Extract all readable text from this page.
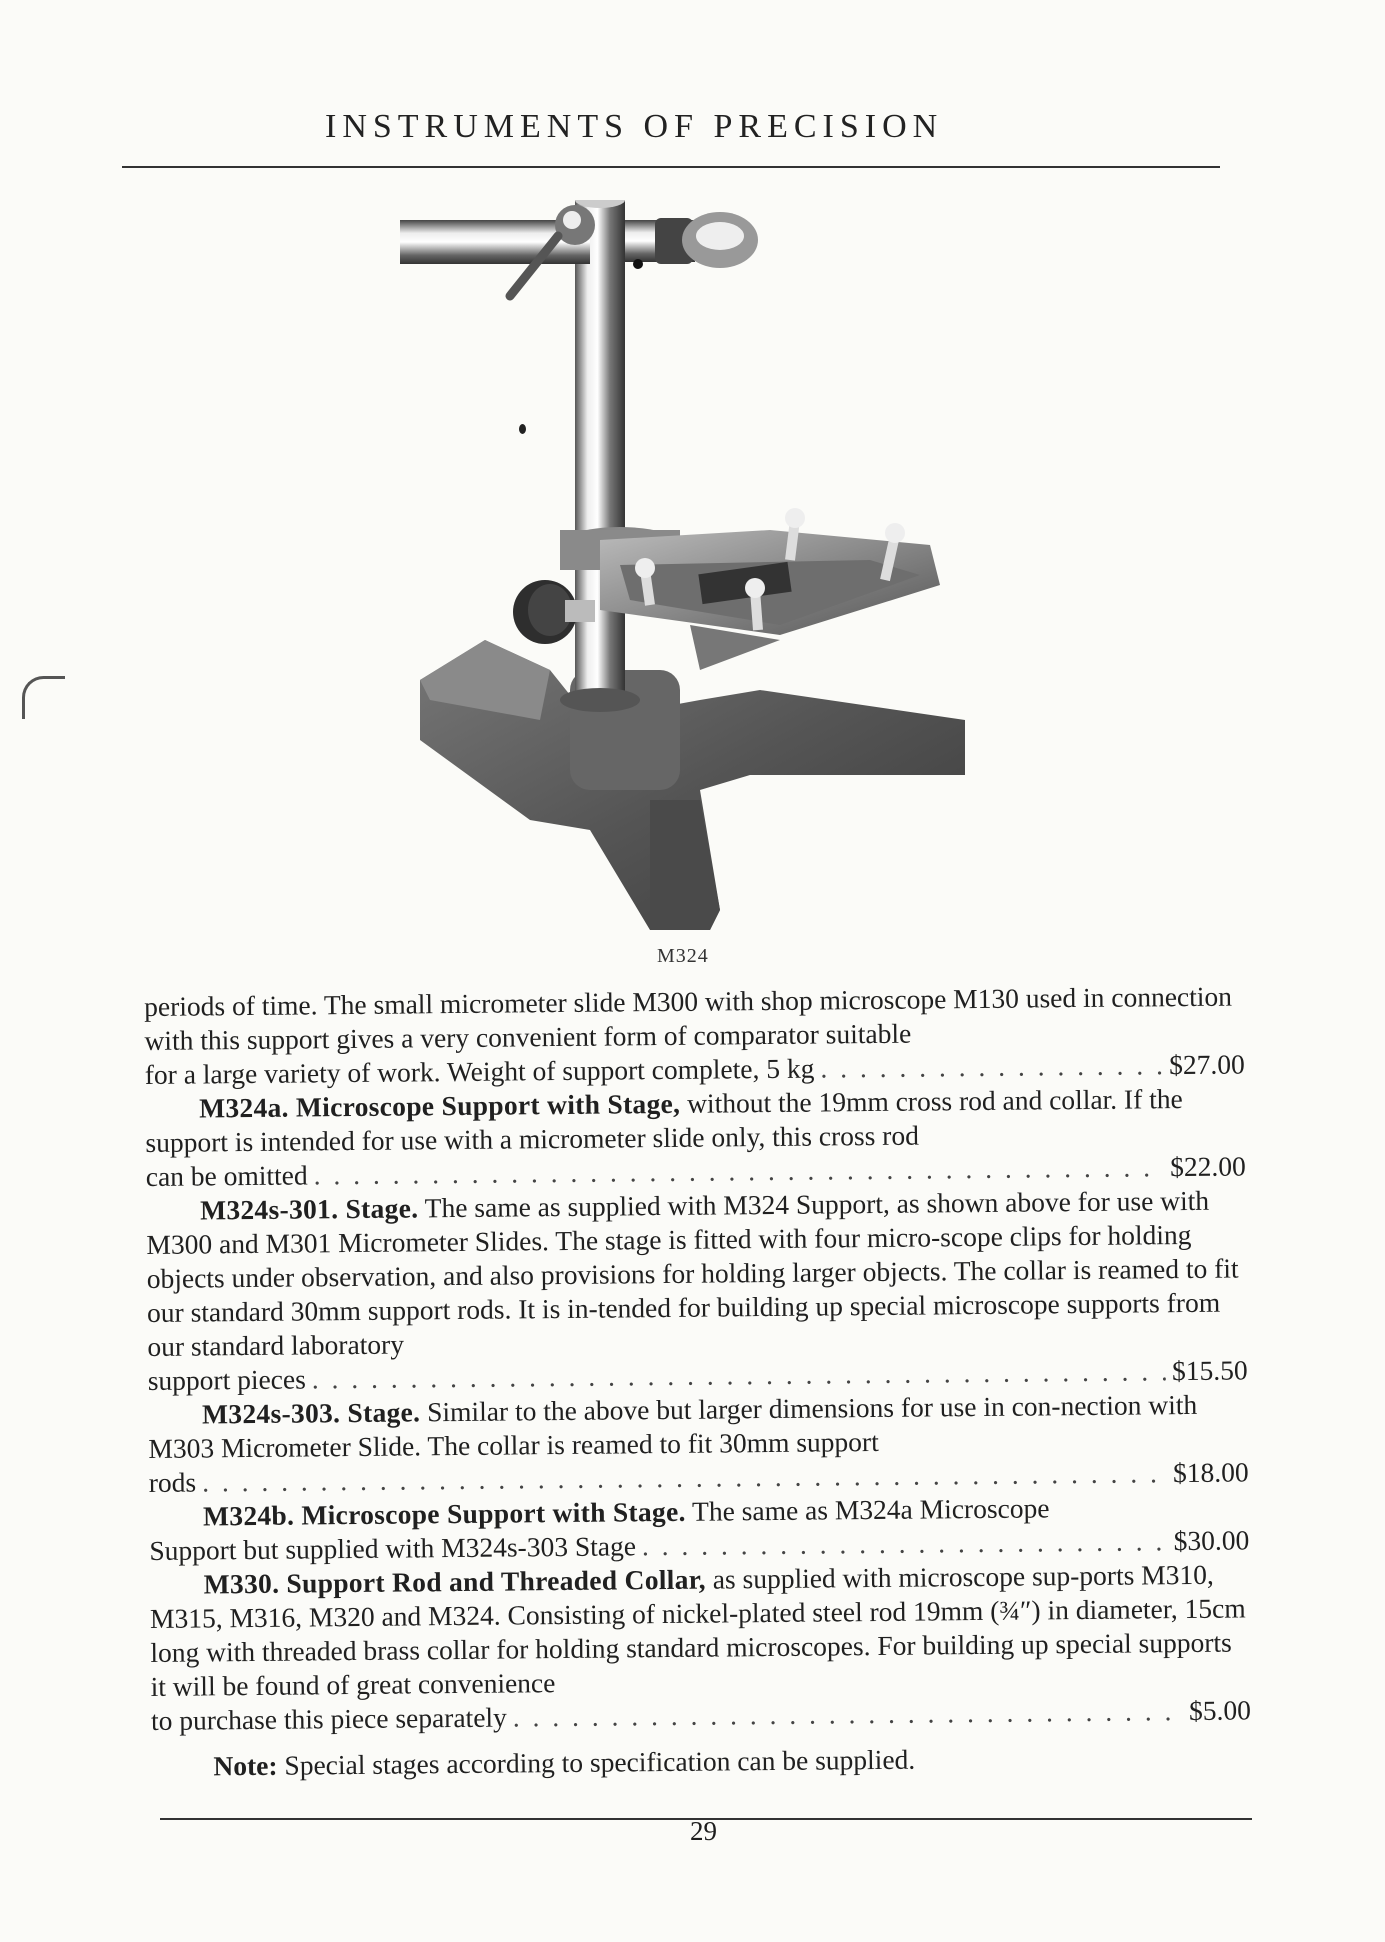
INSTRUMENTS OF PRECISION
M324

periods of time. The small micrometer slide M300 with shop microscope M130 used in connection with this support gives a very convenient form of comparator suitable

for a large variety of work. Weight of support complete, 5 kg . . .	$27.00

M324a. Microscope Support with Stage, without the 19mm cross rod and collar. If the support is intended for use with a micrometer slide only, this cross rod

can be omitted . . .	$22.00

M324s-301. Stage. The same as supplied with M324 Support, as shown above for use with M300 and M301 Micrometer Slides. The stage is fitted with four micro-scope clips for holding objects under observation, and also provisions for holding larger objects. The collar is reamed to fit our standard 30mm support rods. It is in-tended for building up special microscope supports from our standard laboratory

support pieces . . .	$15.50

M324s-303. Stage. Similar to the above but larger dimensions for use in con-nection with M303 Micrometer Slide. The collar is reamed to fit 30mm support

rods . . .	$18.00

M324b. Microscope Support with Stage. The same as M324a Microscope

Support but supplied with M324s-303 Stage . . .	$30.00

M330. Support Rod and Threaded Collar, as supplied with microscope sup-ports M310, M315, M316, M320 and M324. Consisting of nickel-plated steel rod 19mm (¾″) in diameter, 15cm long with threaded brass collar for holding standard microscopes. For building up special supports it will be found of great convenience

to purchase this piece separately . . .	$5.00

Note: Special stages according to specification can be supplied.

29
